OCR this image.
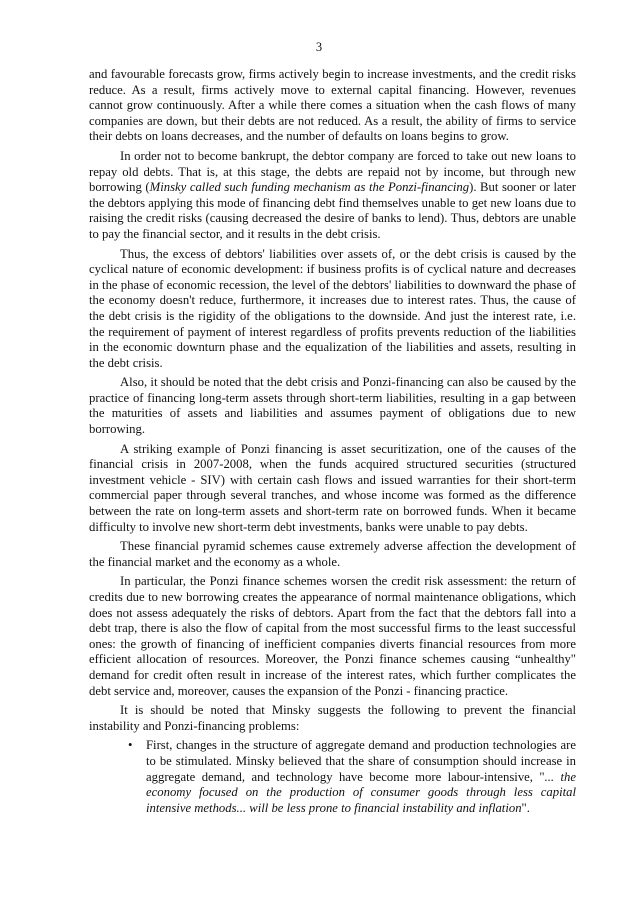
3

and favourable forecasts grow, firms actively begin to increase investments, and the credit risks reduce. As a result, firms actively move to external capital financing. However, revenues cannot grow continuously. After a while there comes a situation when the cash flows of many companies are down, but their debts are not reduced. As a result, the ability of firms to service their debts on loans decreases, and the number of defaults on loans begins to grow.

In order not to become bankrupt, the debtor company are forced to take out new loans to repay old debts. That is, at this stage, the debts are repaid not by income, but through new borrowing (Minsky called such funding mechanism as the Ponzi-financing). But sooner or later the debtors applying this mode of financing debt find themselves unable to get new loans due to raising the credit risks (causing decreased the desire of banks to lend). Thus, debtors are unable to pay the financial sector, and it results in the debt crisis.

Thus, the excess of debtors' liabilities over assets of, or the debt crisis is caused by the cyclical nature of economic development: if business profits is of cyclical nature and decreases in the phase of economic recession, the level of the debtors' liabilities to downward the phase of the economy doesn't reduce, furthermore, it increases due to interest rates. Thus, the cause of the debt crisis is the rigidity of the obligations to the downside. And just the interest rate, i.e. the requirement of payment of interest regardless of profits prevents reduction of the liabilities in the economic downturn phase and the equalization of the liabilities and assets, resulting in the debt crisis.

Also, it should be noted that the debt crisis and Ponzi-financing can also be caused by the practice of financing long-term assets through short-term liabilities, resulting in a gap between the maturities of assets and liabilities and assumes payment of obligations due to new borrowing.

A striking example of Ponzi financing is asset securitization, one of the causes of the financial crisis in 2007-2008, when the funds acquired structured securities (structured investment vehicle - SIV) with certain cash flows and issued warranties for their short-term commercial paper through several tranches, and whose income was formed as the difference between the rate on long-term assets and short-term rate on borrowed funds. When it became difficulty to involve new short-term debt investments, banks were unable to pay debts.

These financial pyramid schemes cause extremely adverse affection the development of the financial market and the economy as a whole.

In particular, the Ponzi finance schemes worsen the credit risk assessment: the return of credits due to new borrowing creates the appearance of normal maintenance obligations, which does not assess adequately the risks of debtors. Apart from the fact that the debtors fall into a debt trap, there is also the flow of capital from the most successful firms to the least successful ones: the growth of financing of inefficient companies diverts financial resources from more efficient allocation of resources. Moreover, the Ponzi finance schemes causing “unhealthy" demand for credit often result in increase of the interest rates, which further complicates the debt service and, moreover, causes the expansion of the Ponzi - financing practice.

It is should be noted that Minsky suggests the following to prevent the financial instability and Ponzi-financing problems:

• First, changes in the structure of aggregate demand and production technologies are to be stimulated. Minsky believed that the share of consumption should increase in aggregate demand, and technology have become more labour-intensive, "... the economy focused on the production of consumer goods through less capital intensive methods... will be less prone to financial instability and inflation".
